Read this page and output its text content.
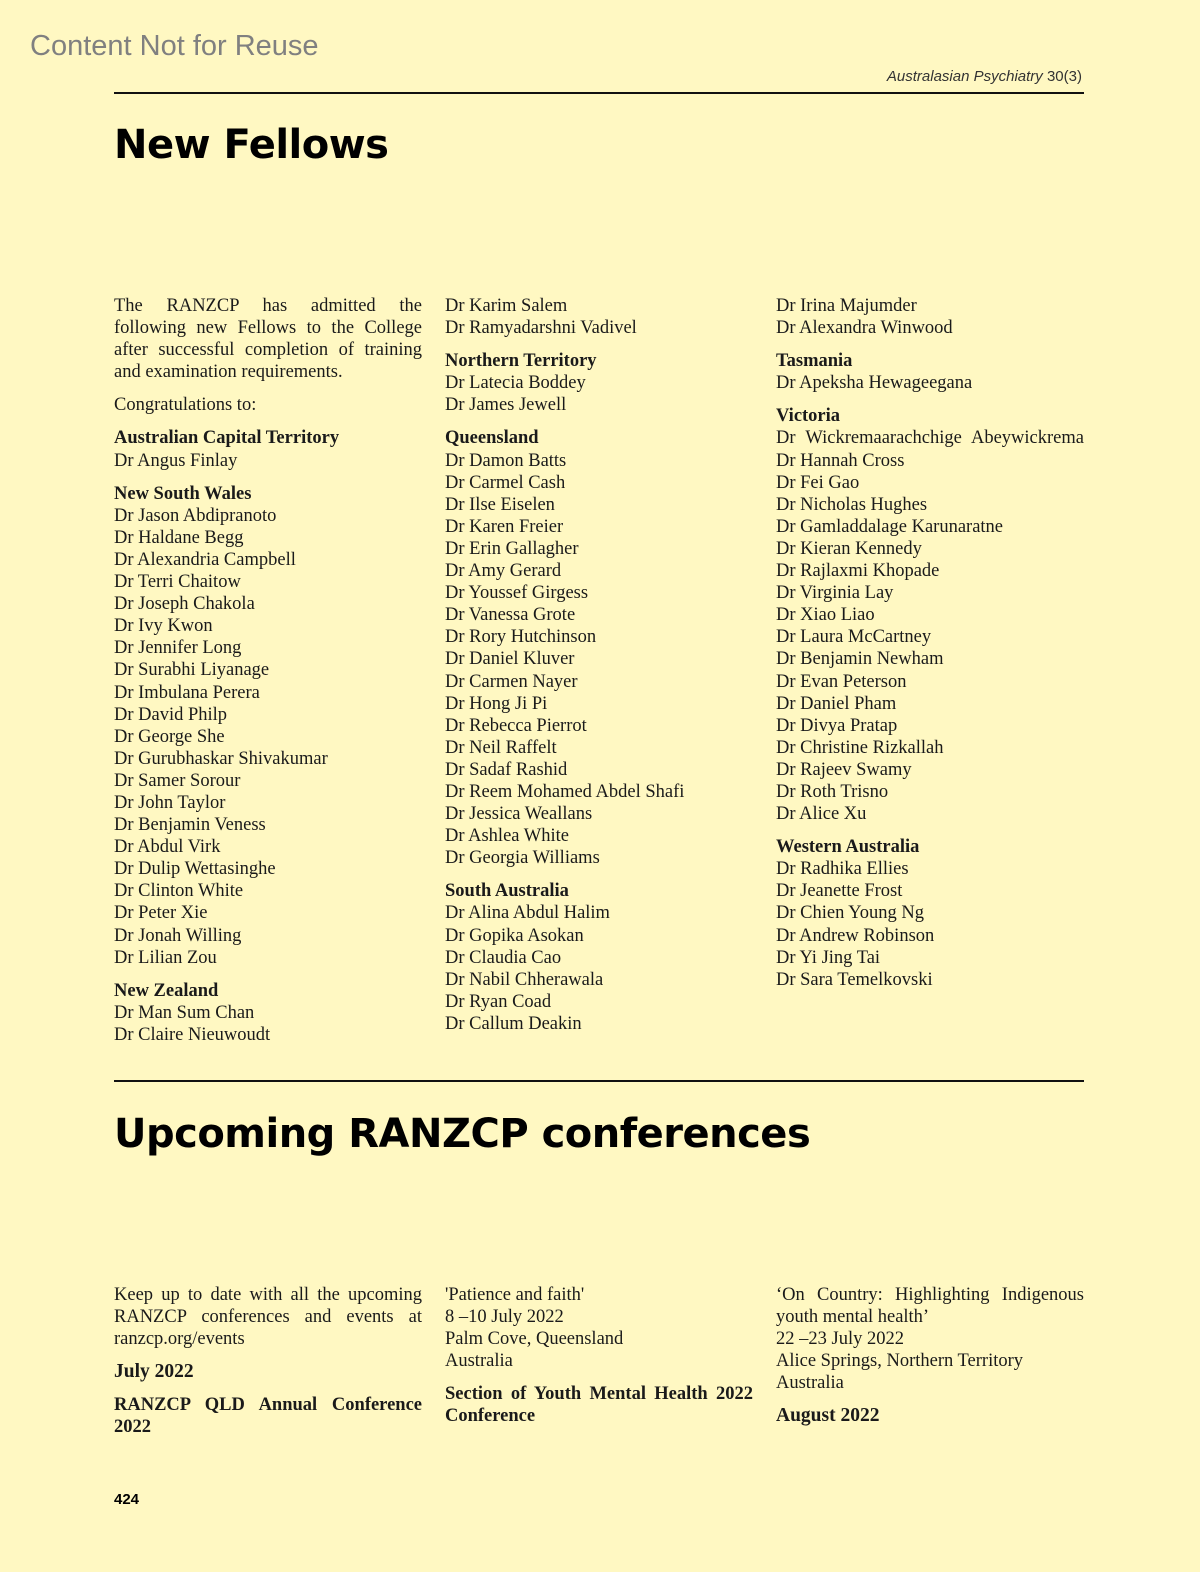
Content Not for Reuse
Australasian Psychiatry 30(3)
New Fellows

The RANZCP has admitted the following new Fellows to the College after successful completion of training and examination requirements.

Congratulations to:

Australian Capital Territory

Dr Angus Finlay

New South Wales

Dr Jason Abdipranoto

Dr Haldane Begg

Dr Alexandria Campbell

Dr Terri Chaitow

Dr Joseph Chakola

Dr Ivy Kwon

Dr Jennifer Long

Dr Surabhi Liyanage

Dr Imbulana Perera

Dr David Philp

Dr George She

Dr Gurubhaskar Shivakumar

Dr Samer Sorour

Dr John Taylor

Dr Benjamin Veness

Dr Abdul Virk

Dr Dulip Wettasinghe

Dr Clinton White

Dr Peter Xie

Dr Jonah Willing

Dr Lilian Zou

New Zealand

Dr Man Sum Chan

Dr Claire Nieuwoudt

Dr Karim Salem

Dr Ramyadarshni Vadivel

Northern Territory

Dr Latecia Boddey

Dr James Jewell

Queensland

Dr Damon Batts

Dr Carmel Cash

Dr Ilse Eiselen

Dr Karen Freier

Dr Erin Gallagher

Dr Amy Gerard

Dr Youssef Girgess

Dr Vanessa Grote

Dr Rory Hutchinson

Dr Daniel Kluver

Dr Carmen Nayer

Dr Hong Ji Pi

Dr Rebecca Pierrot

Dr Neil Raffelt

Dr Sadaf Rashid

Dr Reem Mohamed Abdel Shafi

Dr Jessica Weallans

Dr Ashlea White

Dr Georgia Williams

South Australia

Dr Alina Abdul Halim

Dr Gopika Asokan

Dr Claudia Cao

Dr Nabil Chherawala

Dr Ryan Coad

Dr Callum Deakin

Dr Irina Majumder

Dr Alexandra Winwood

Tasmania

Dr Apeksha Hewageegana

Victoria

Dr Wickremaarachchige Abeywickrema

Dr Hannah Cross

Dr Fei Gao

Dr Nicholas Hughes

Dr Gamladdalage Karunaratne

Dr Kieran Kennedy

Dr Rajlaxmi Khopade

Dr Virginia Lay

Dr Xiao Liao

Dr Laura McCartney

Dr Benjamin Newham

Dr Evan Peterson

Dr Daniel Pham

Dr Divya Pratap

Dr Christine Rizkallah

Dr Rajeev Swamy

Dr Roth Trisno

Dr Alice Xu

Western Australia

Dr Radhika Ellies

Dr Jeanette Frost

Dr Chien Young Ng

Dr Andrew Robinson

Dr Yi Jing Tai

Dr Sara Temelkovski

Upcoming RANZCP conferences

Keep up to date with all the upcoming RANZCP conferences and events at ranzcp.org/events

July 2022

RANZCP QLD Annual Conference 2022

'Patience and faith'

8 –10 July 2022

Palm Cove, Queensland

Australia

Section of Youth Mental Health 2022 Conference

‘On Country: Highlighting Indigenous youth mental health’

22 –23 July 2022

Alice Springs, Northern Territory

Australia

August 2022

424
